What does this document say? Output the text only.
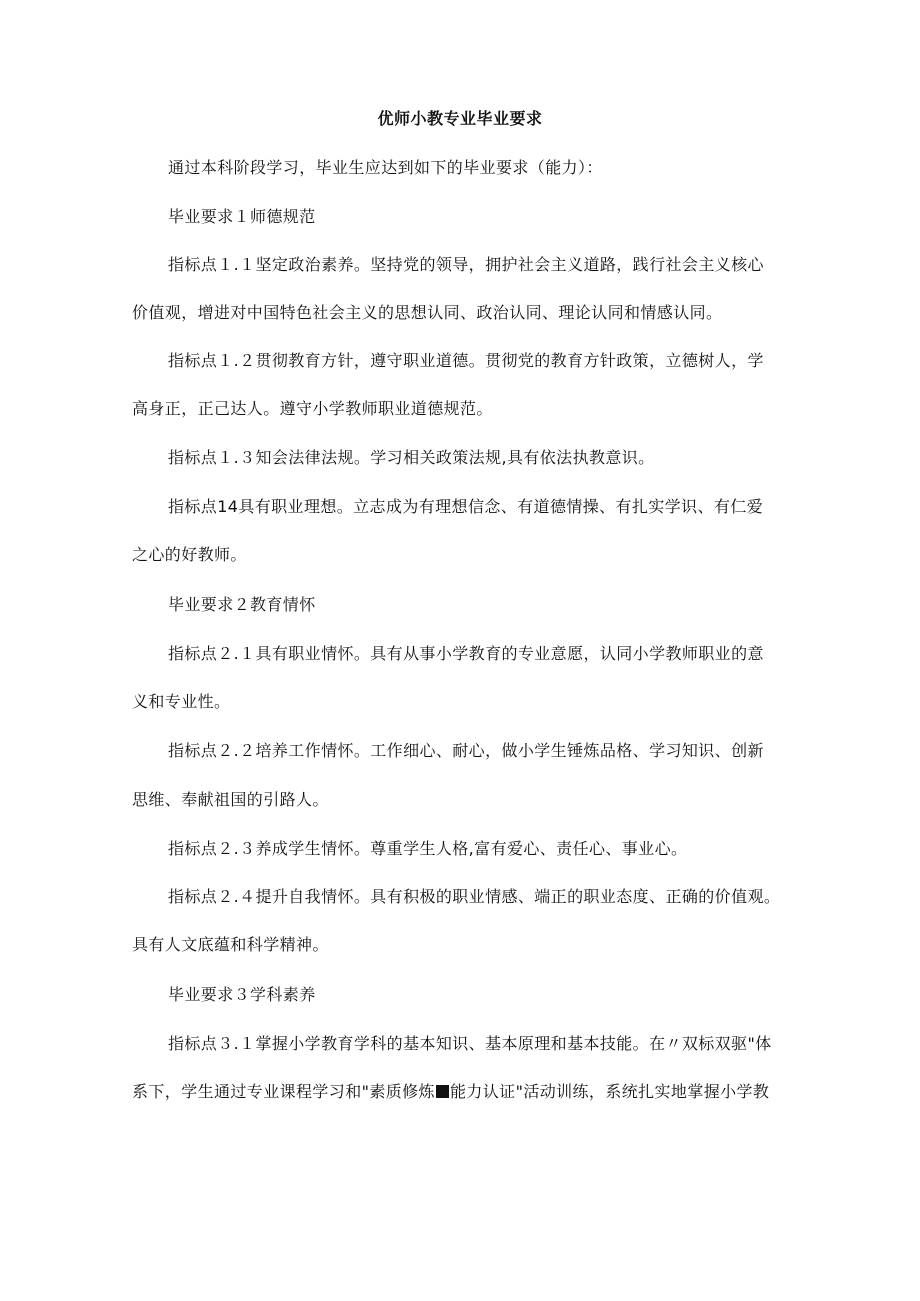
优师小教专业毕业要求
通过本科阶段学习，毕业生应达到如下的毕业要求（能力）：
毕业要求１师德规范
指标点１.１坚定政治素养。坚持党的领导，拥护社会主义道路，践行社会主义核心
价值观，增进对中国特色社会主义的思想认同、政治认同、理论认同和情感认同。
指标点１.２贯彻教育方针，遵守职业道德。贯彻党的教育方针政策，立德树人，学
高身正，正己达人。遵守小学教师职业道德规范。
指标点１.３知会法律法规。学习相关政策法规,具有依法执教意识。
指标点14具有职业理想。立志成为有理想信念、有道德情操、有扎实学识、有仁爱
之心的好教师。
毕业要求２教育情怀
指标点２.１具有职业情怀。具有从事小学教育的专业意愿，认同小学教师职业的意
义和专业性。
指标点２.２培养工作情怀。工作细心、耐心，做小学生锤炼品格、学习知识、创新
思维、奉献祖国的引路人。
指标点２.３养成学生情怀。尊重学生人格,富有爱心、责任心、事业心。
指标点２.４提升自我情怀。具有积极的职业情感、端正的职业态度、正确的价值观。
具有人文底蕴和科学精神。
毕业要求３学科素养
指标点３.１掌握小学教育学科的基本知识、基本原理和基本技能。在〃双标双驱"体
系下，学生通过专业课程学习和"素质修炼 能力认证"活动训练，系统扎实地掌握小学教
